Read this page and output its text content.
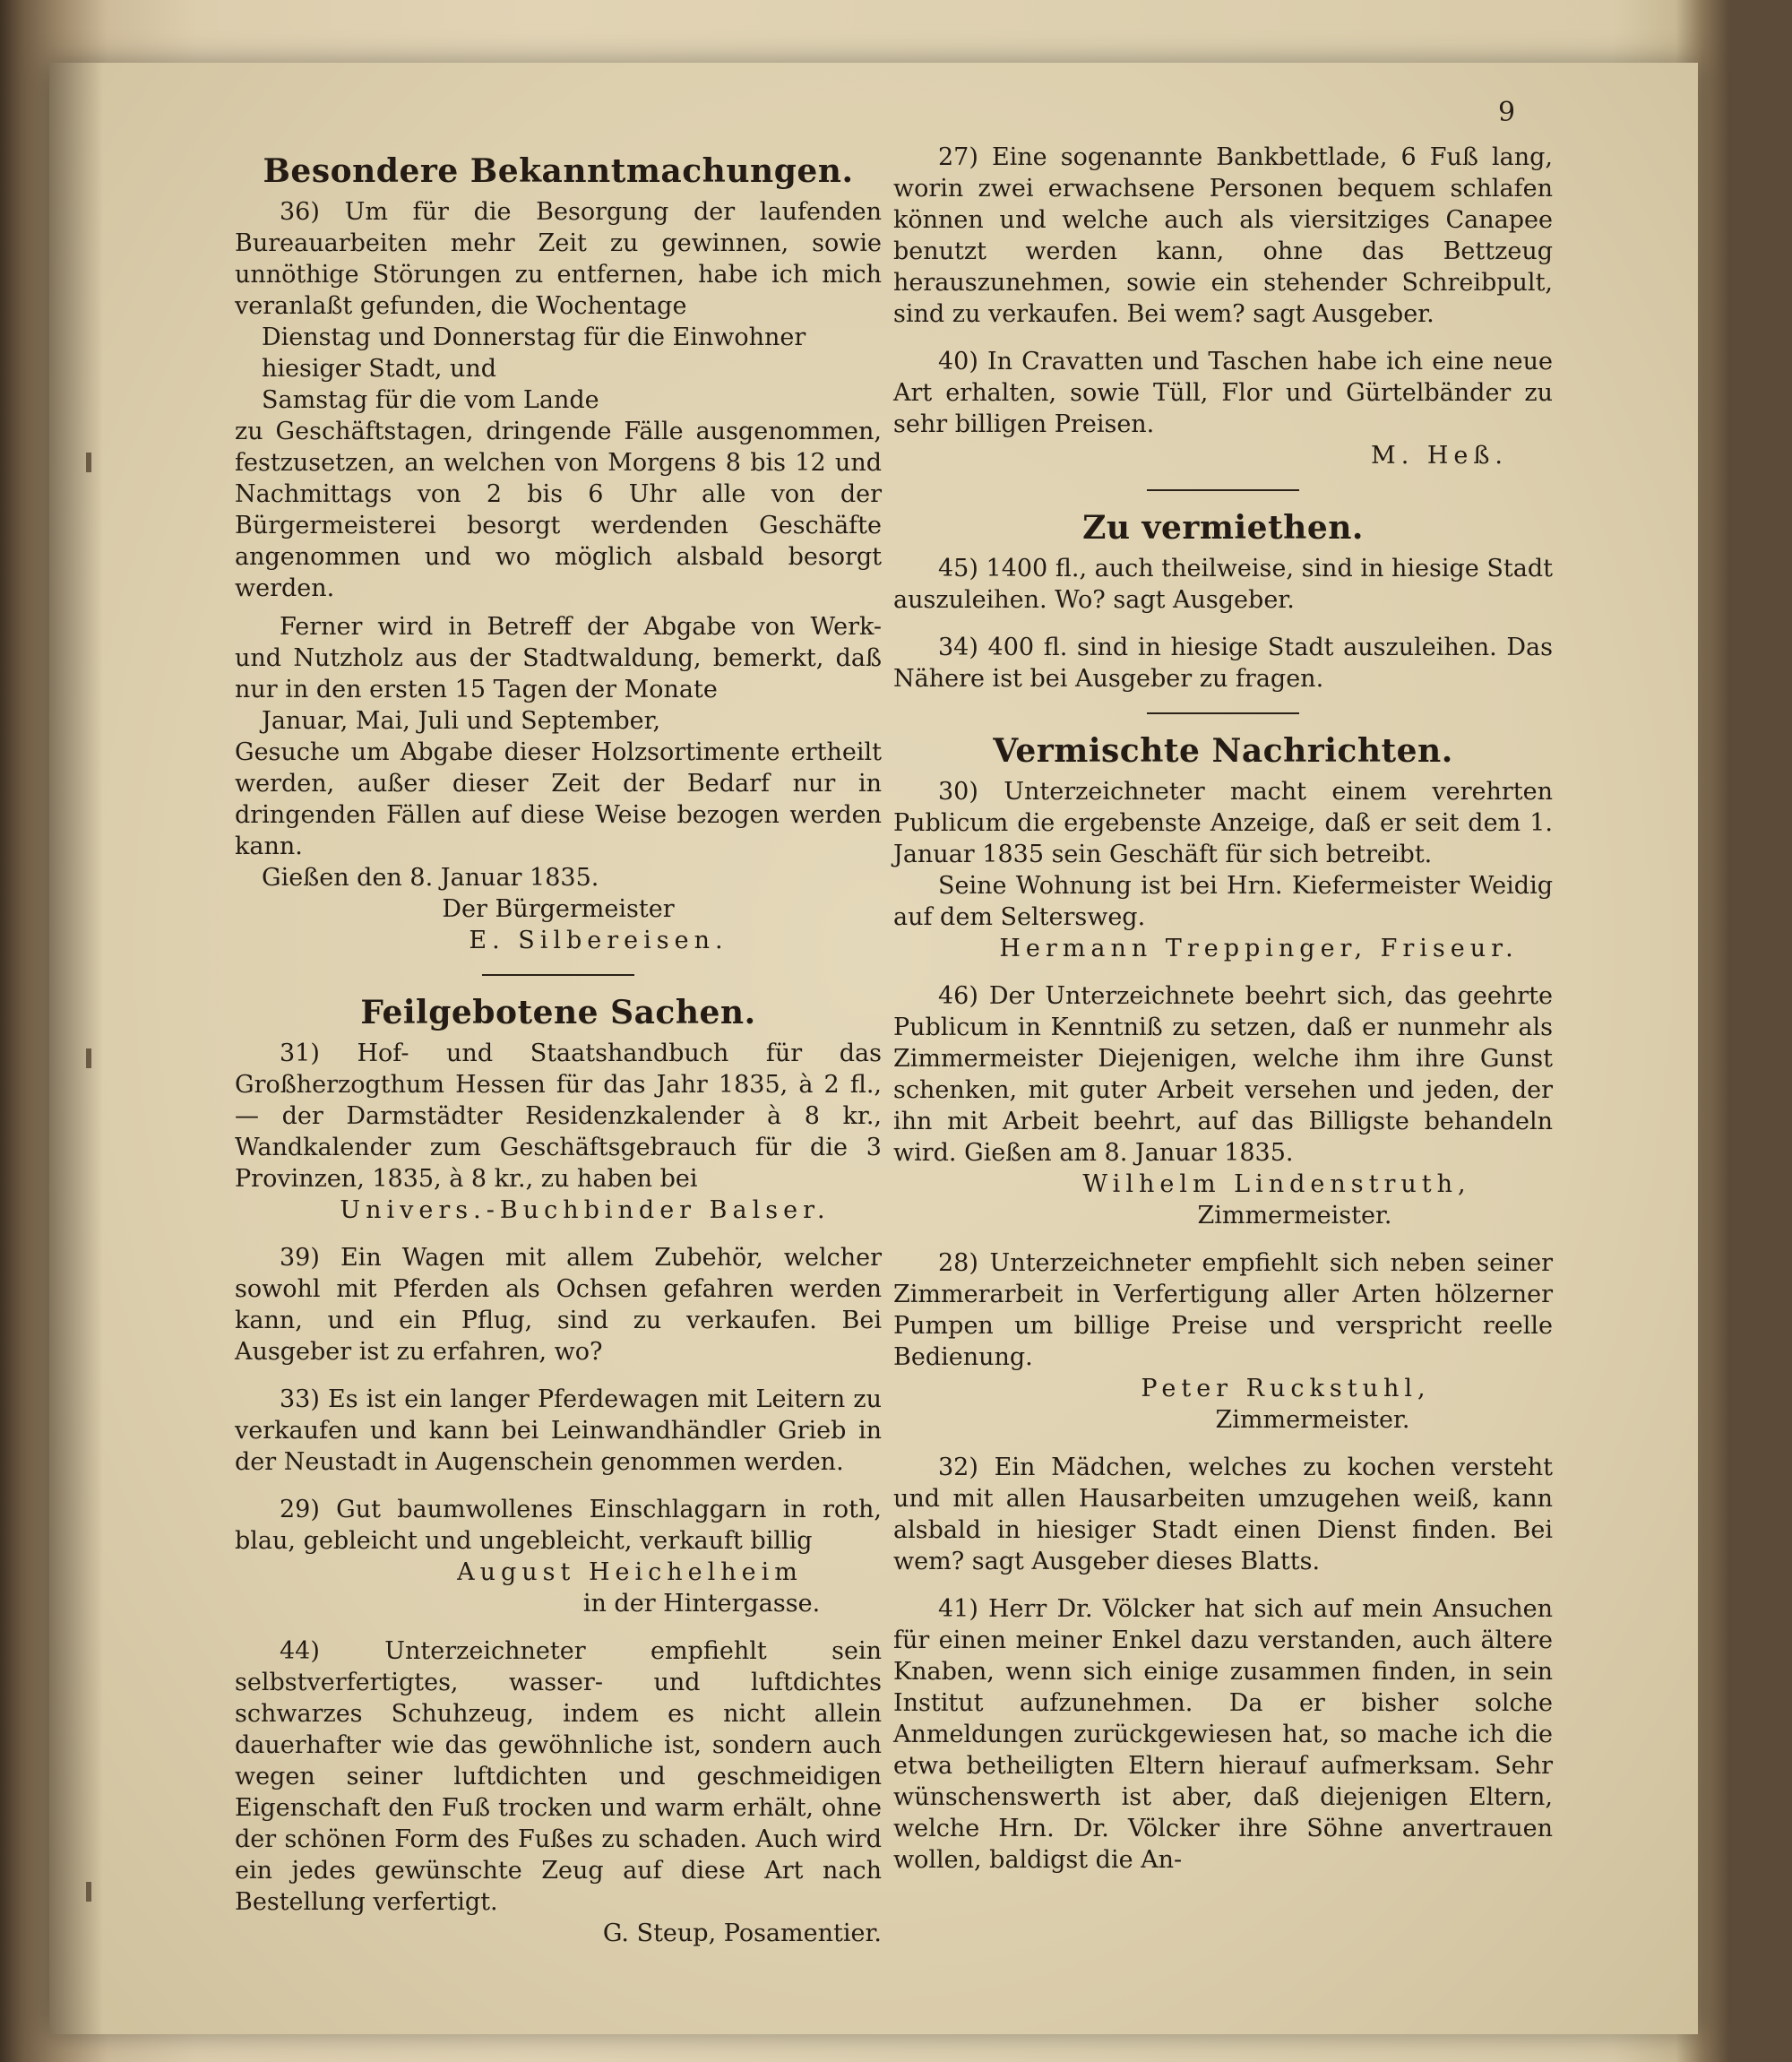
9
Besondere Bekanntmachungen.

36) Um für die Besorgung der laufenden Bureauarbeiten mehr Zeit zu gewinnen, sowie unnöthige Störungen zu entfernen, habe ich mich veranlaßt gefunden, die Wochentage

Dienstag und Donnerstag für die Einwohner hiesiger Stadt, und
Samstag für die vom Lande

zu Geschäftstagen, dringende Fälle ausgenommen, festzusetzen, an welchen von Morgens 8 bis 12 und Nachmittags von 2 bis 6 Uhr alle von der Bürgermeisterei besorgt werdenden Geschäfte angenommen und wo möglich alsbald besorgt werden.

Ferner wird in Betreff der Abgabe von Werk- und Nutzholz aus der Stadtwaldung, bemerkt, daß nur in den ersten 15 Tagen der Monate

Januar, Mai, Juli und September,

Gesuche um Abgabe dieser Holzsortimente ertheilt werden, außer dieser Zeit der Bedarf nur in dringenden Fällen auf diese Weise bezogen werden kann.

Gießen den 8. Januar 1835.

Der Bürgermeister

E. Silbereisen.

Feilgebotene Sachen.

31) Hof- und Staatshandbuch für das Großherzogthum Hessen für das Jahr 1835, à 2 fl., — der Darmstädter Residenzkalender à 8 kr., Wandkalender zum Geschäftsgebrauch für die 3 Provinzen, 1835, à 8 kr., zu haben bei

Univers.-Buchbinder Balser.

39) Ein Wagen mit allem Zubehör, welcher sowohl mit Pferden als Ochsen gefahren werden kann, und ein Pflug, sind zu verkaufen. Bei Ausgeber ist zu erfahren, wo?

33) Es ist ein langer Pferdewagen mit Leitern zu verkaufen und kann bei Leinwandhändler Grieb in der Neustadt in Augenschein genommen werden.

29) Gut baumwollenes Einschlaggarn in roth, blau, gebleicht und ungebleicht, verkauft billig

August Heichelheim

in der Hintergasse.

44) Unterzeichneter empfiehlt sein selbstverfertigtes, wasser- und luftdichtes schwarzes Schuhzeug, indem es nicht allein dauerhafter wie das gewöhnliche ist, sondern auch wegen seiner luftdichten und geschmeidigen Eigenschaft den Fuß trocken und warm erhält, ohne der schönen Form des Fußes zu schaden. Auch wird ein jedes gewünschte Zeug auf diese Art nach Bestellung verfertigt.

G. Steup, Posamentier.

27) Eine sogenannte Bankbettlade, 6 Fuß lang, worin zwei erwachsene Personen bequem schlafen können und welche auch als viersitziges Canapee benutzt werden kann, ohne das Bettzeug herauszunehmen, sowie ein stehender Schreibpult, sind zu verkaufen. Bei wem? sagt Ausgeber.

40) In Cravatten und Taschen habe ich eine neue Art erhalten, sowie Tüll, Flor und Gürtelbänder zu sehr billigen Preisen.

M. Heß.

Zu vermiethen.

45) 1400 fl., auch theilweise, sind in hiesige Stadt auszuleihen. Wo? sagt Ausgeber.

34) 400 fl. sind in hiesige Stadt auszuleihen. Das Nähere ist bei Ausgeber zu fragen.

Vermischte Nachrichten.

30) Unterzeichneter macht einem verehrten Publicum die ergebenste Anzeige, daß er seit dem 1. Januar 1835 sein Geschäft für sich betreibt.

Seine Wohnung ist bei Hrn. Kiefermeister Weidig auf dem Seltersweg.

Hermann Treppinger, Friseur.

46) Der Unterzeichnete beehrt sich, das geehrte Publicum in Kenntniß zu setzen, daß er nunmehr als Zimmermeister Diejenigen, welche ihm ihre Gunst schenken, mit guter Arbeit versehen und jeden, der ihn mit Arbeit beehrt, auf das Billigste behandeln wird. Gießen am 8. Januar 1835.

Wilhelm Lindenstruth,

Zimmermeister.

28) Unterzeichneter empfiehlt sich neben seiner Zimmerarbeit in Verfertigung aller Arten hölzerner Pumpen um billige Preise und verspricht reelle Bedienung.

Peter Ruckstuhl,

Zimmermeister.

32) Ein Mädchen, welches zu kochen versteht und mit allen Hausarbeiten umzugehen weiß, kann alsbald in hiesiger Stadt einen Dienst finden. Bei wem? sagt Ausgeber dieses Blatts.

41) Herr Dr. Völcker hat sich auf mein Ansuchen für einen meiner Enkel dazu verstanden, auch ältere Knaben, wenn sich einige zusammen finden, in sein Institut aufzunehmen. Da er bisher solche Anmeldungen zurückgewiesen hat, so mache ich die etwa betheiligten Eltern hierauf aufmerksam. Sehr wünschenswerth ist aber, daß diejenigen Eltern, welche Hrn. Dr. Völcker ihre Söhne anvertrauen wollen, baldigst die An-
